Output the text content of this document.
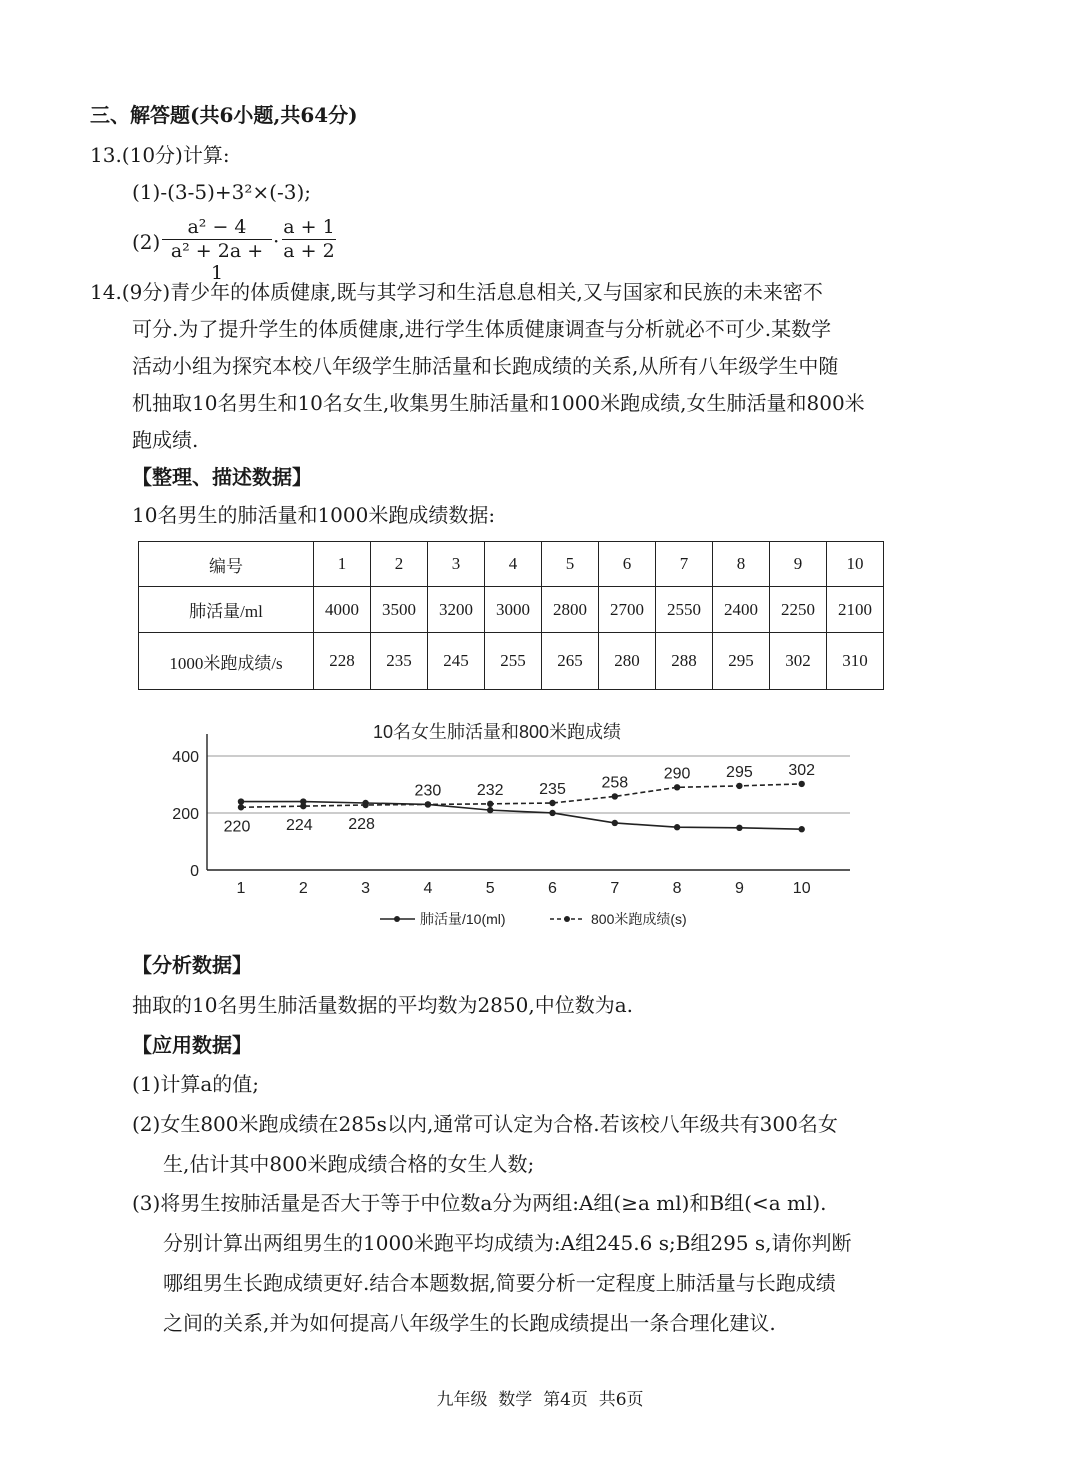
三、解答题(共6小题,共64分)
13.(10分)计算:
(1)-(3-5)+3²×(-3);
$(2) \frac{\text{a² − 4}}{\text{a² + 2a + 1}} \cdot \frac{a + 1}{a + 2}$
14.(9分)青少年的体质健康,既与其学习和生活息息相关,又与国家和民族的未来密不
可分.为了提升学生的体质健康,进行学生体质健康调查与分析就必不可少.某数学
活动小组为探究本校八年级学生肺活量和长跑成绩的关系,从所有八年级学生中随
机抽取10名男生和10名女生,收集男生肺活量和1000米跑成绩,女生肺活量和800米
跑成绩.
【整理、描述数据】
10名男生的肺活量和1000米跑成绩数据:
编号	1	2	3	4	5	6	7	8	9	10
肺活量/ml	4000	3500	3200	3000	2800	2700	2550	2400	2250	2100
1000米跑成绩/s	228	235	245	255	265	280	288	295	302	310
10名女生肺活量和800米跑成绩
0
200
400
1	2	3	4	5	6	7	8	9	10
220 224 228
230 232 235 258
290 295 302
肺活量/10(ml)	800米跑成绩(s)
【分析数据】
抽取的10名男生肺活量数据的平均数为2850,中位数为a.
【应用数据】
(1)计算a的值;
(2)女生800米跑成绩在285s以内,通常可认定为合格.若该校八年级共有300名女
生,估计其中800米跑成绩合格的女生人数;
(3)将男生按肺活量是否大于等于中位数a分为两组:A组(≥a ml)和B组(<a ml).
分别计算出两组男生的1000米跑平均成绩为:A组245.6 s;B组295 s,请你判断
哪组男生长跑成绩更好.结合本题数据,简要分析一定程度上肺活量与长跑成绩
之间的关系,并为如何提高八年级学生的长跑成绩提出一条合理化建议.
九年级  数学  第4页  共6页
